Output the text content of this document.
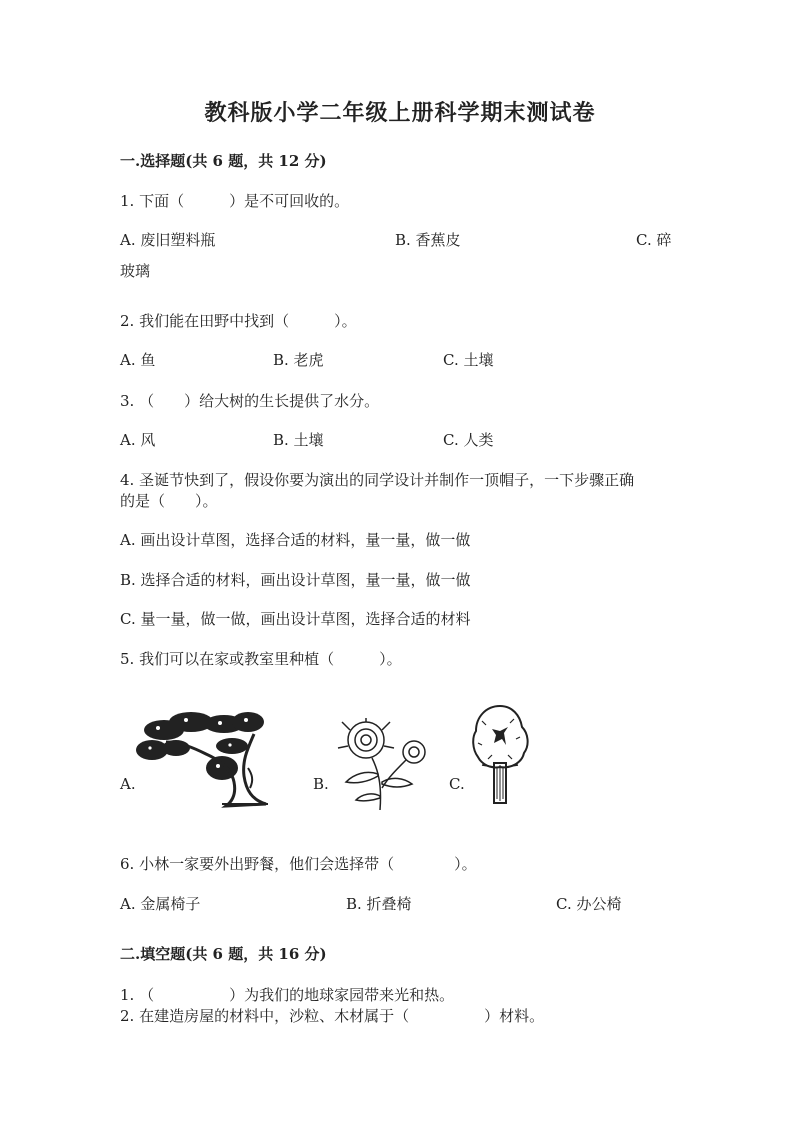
教科版小学二年级上册科学期末测试卷
一.选择题(共 6 题，共 12 分)
1. 下面（　　　）是不可回收的。
A. 废旧塑料瓶	B. 香蕉皮	C. 碎
玻璃
2. 我们能在田野中找到（　　　）。
A. 鱼	B. 老虎	C. 土壤
3. （　　）给大树的生长提供了水分。
A. 风	B. 土壤	C. 人类
4. 圣诞节快到了，假设你要为演出的同学设计并制作一顶帽子，一下步骤正确
的是（　　）。
A. 画出设计草图，选择合适的材料，量一量，做一做
B. 选择合适的材料，画出设计草图，量一量，做一做
C. 量一量，做一做，画出设计草图，选择合适的材料
5. 我们可以在家或教室里种植（　　　）。
A.	B.	C.
6. 小林一家要外出野餐，他们会选择带（　　　　）。
A. 金属椅子	B. 折叠椅	C. 办公椅
二.填空题(共 6 题，共 16 分)
1. （　　　　　）为我们的地球家园带来光和热。
2. 在建造房屋的材料中，沙粒、木材属于（　　　　　）材料。
